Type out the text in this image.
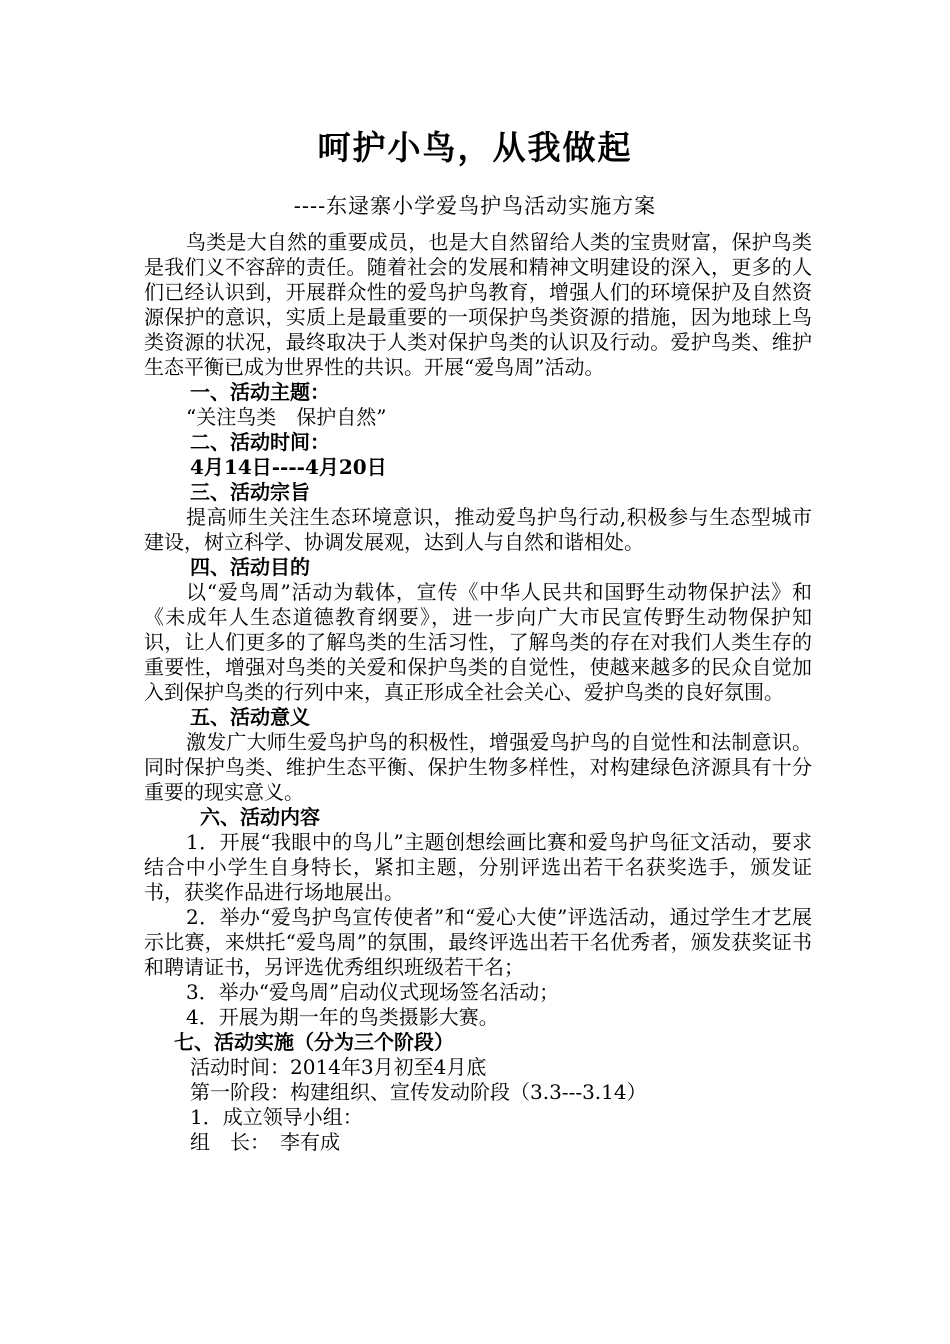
呵护小鸟，从我做起
----东逯寨小学爱鸟护鸟活动实施方案

鸟类是大自然的重要成员，也是大自然留给人类的宝贵财富，保护鸟类是我们义不容辞的责任。随着社会的发展和精神文明建设的深入，更多的人们已经认识到，开展群众性的爱鸟护鸟教育，增强人们的环境保护及自然资源保护的意识，实质上是最重要的一项保护鸟类资源的措施，因为地球上鸟类资源的状况，最终取决于人类对保护鸟类的认识及行动。爱护鸟类、维护生态平衡已成为世界性的共识。开展“爱鸟周”活动。

一、活动主题：

“关注鸟类　保护自然”

二、活动时间：

4月14日----4月20日

三、活动宗旨

提高师生关注生态环境意识，推动爱鸟护鸟行动,积极参与生态型城市建设，树立科学、协调发展观，达到人与自然和谐相处。

四、活动目的

以“爱鸟周”活动为载体，宣传《中华人民共和国野生动物保护法》和《未成年人生态道德教育纲要》，进一步向广大市民宣传野生动物保护知识，让人们更多的了解鸟类的生活习性，了解鸟类的存在对我们人类生存的重要性，增强对鸟类的关爱和保护鸟类的自觉性，使越来越多的民众自觉加入到保护鸟类的行列中来，真正形成全社会关心、爱护鸟类的良好氛围。

五、活动意义

激发广大师生爱鸟护鸟的积极性，增强爱鸟护鸟的自觉性和法制意识。同时保护鸟类、维护生态平衡、保护生物多样性，对构建绿色济源具有十分重要的现实意义。

六、活动内容

1．开展“我眼中的鸟儿”主题创想绘画比赛和爱鸟护鸟征文活动，要求结合中小学生自身特长，紧扣主题，分别评选出若干名获奖选手，颁发证书，获奖作品进行场地展出。

2．举办“爱鸟护鸟宣传使者”和“爱心大使”评选活动，通过学生才艺展示比赛，来烘托“爱鸟周”的氛围，最终评选出若干名优秀者，颁发获奖证书和聘请证书，另评选优秀组织班级若干名；

3．举办“爱鸟周”启动仪式现场签名活动；

4．开展为期一年的鸟类摄影大赛。

七、活动实施（分为三个阶段）

活动时间：2014年3月初至4月底

第一阶段：构建组织、宣传发动阶段（3.3---3.14）

1．成立领导小组：

组　长：　李有成
